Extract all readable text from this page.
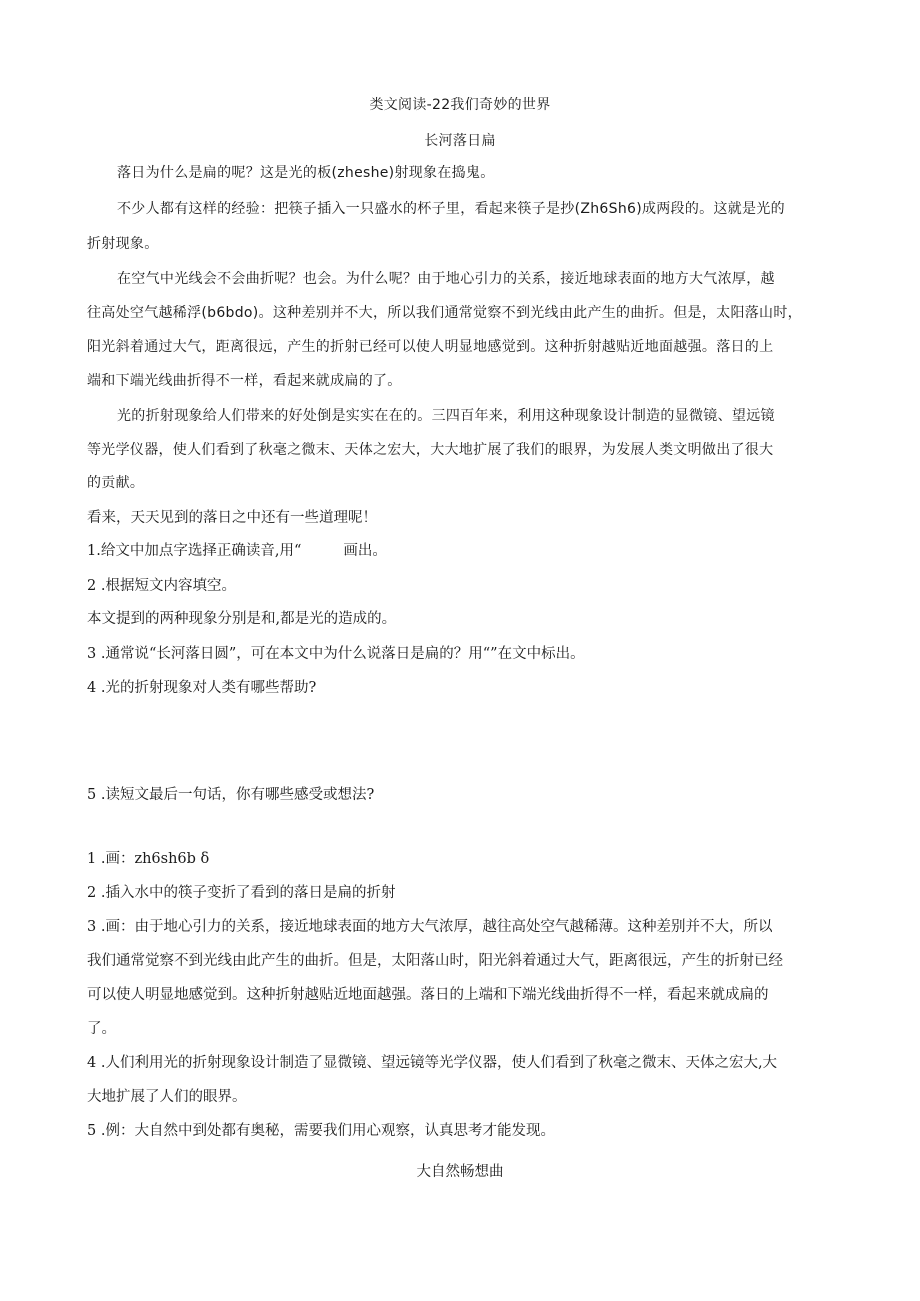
类文阅读-22我们奇妙的世界
长河落日扁
落日为什么是扁的呢？这是光的板(zheshe)射现象在捣鬼。
不少人都有这样的经验：把筷子插入一只盛水的杯子里，看起来筷子是抄(Zh6Sh6)成两段的。这就是光的
折射现象。
在空气中光线会不会曲折呢？也会。为什么呢？由于地心引力的关系，接近地球表面的地方大气浓厚，越
往高处空气越稀浮(b6bdo)。这种差别并不大，所以我们通常觉察不到光线由此产生的曲折。但是，太阳落山时，
阳光斜着通过大气，距离很远，产生的折射已经可以使人明显地感觉到。这种折射越贴近地面越强。落日的上
端和下端光线曲折得不一样，看起来就成扁的了。
光的折射现象给人们带来的好处倒是实实在在的。三四百年来，利用这种现象设计制造的显微镜、望远镜
等光学仪器，使人们看到了秋毫之微末、天体之宏大，大大地扩展了我们的眼界，为发展人类文明做出了很大
的贡献。
看来，天天见到的落日之中还有一些道理呢！
1.给文中加点字选择正确读音,用“	画出。
2 .根据短文内容填空。
本文提到的两种现象分别是和,都是光的造成的。
3 .通常说“长河落日圆”，可在本文中为什么说落日是扁的？用“”在文中标出。
4 .光的折射现象对人类有哪些帮助?
5 .读短文最后一句话，你有哪些感受或想法?
1 .画：zh6sh6b δ
2 .插入水中的筷子变折了看到的落日是扁的折射
3 .画：由于地心引力的关系，接近地球表面的地方大气浓厚，越往高处空气越稀薄。这种差别并不大，所以
我们通常觉察不到光线由此产生的曲折。但是，太阳落山时，阳光斜着通过大气，距离很远，产生的折射已经
可以使人明显地感觉到。这种折射越贴近地面越强。落日的上端和下端光线曲折得不一样，看起来就成扁的
了。
4 .人们利用光的折射现象设计制造了显微镜、望远镜等光学仪器，使人们看到了秋毫之微末、天体之宏大,大
大地扩展了人们的眼界。
5 .例：大自然中到处都有奥秘，需要我们用心观察，认真思考才能发现。
大自然畅想曲
